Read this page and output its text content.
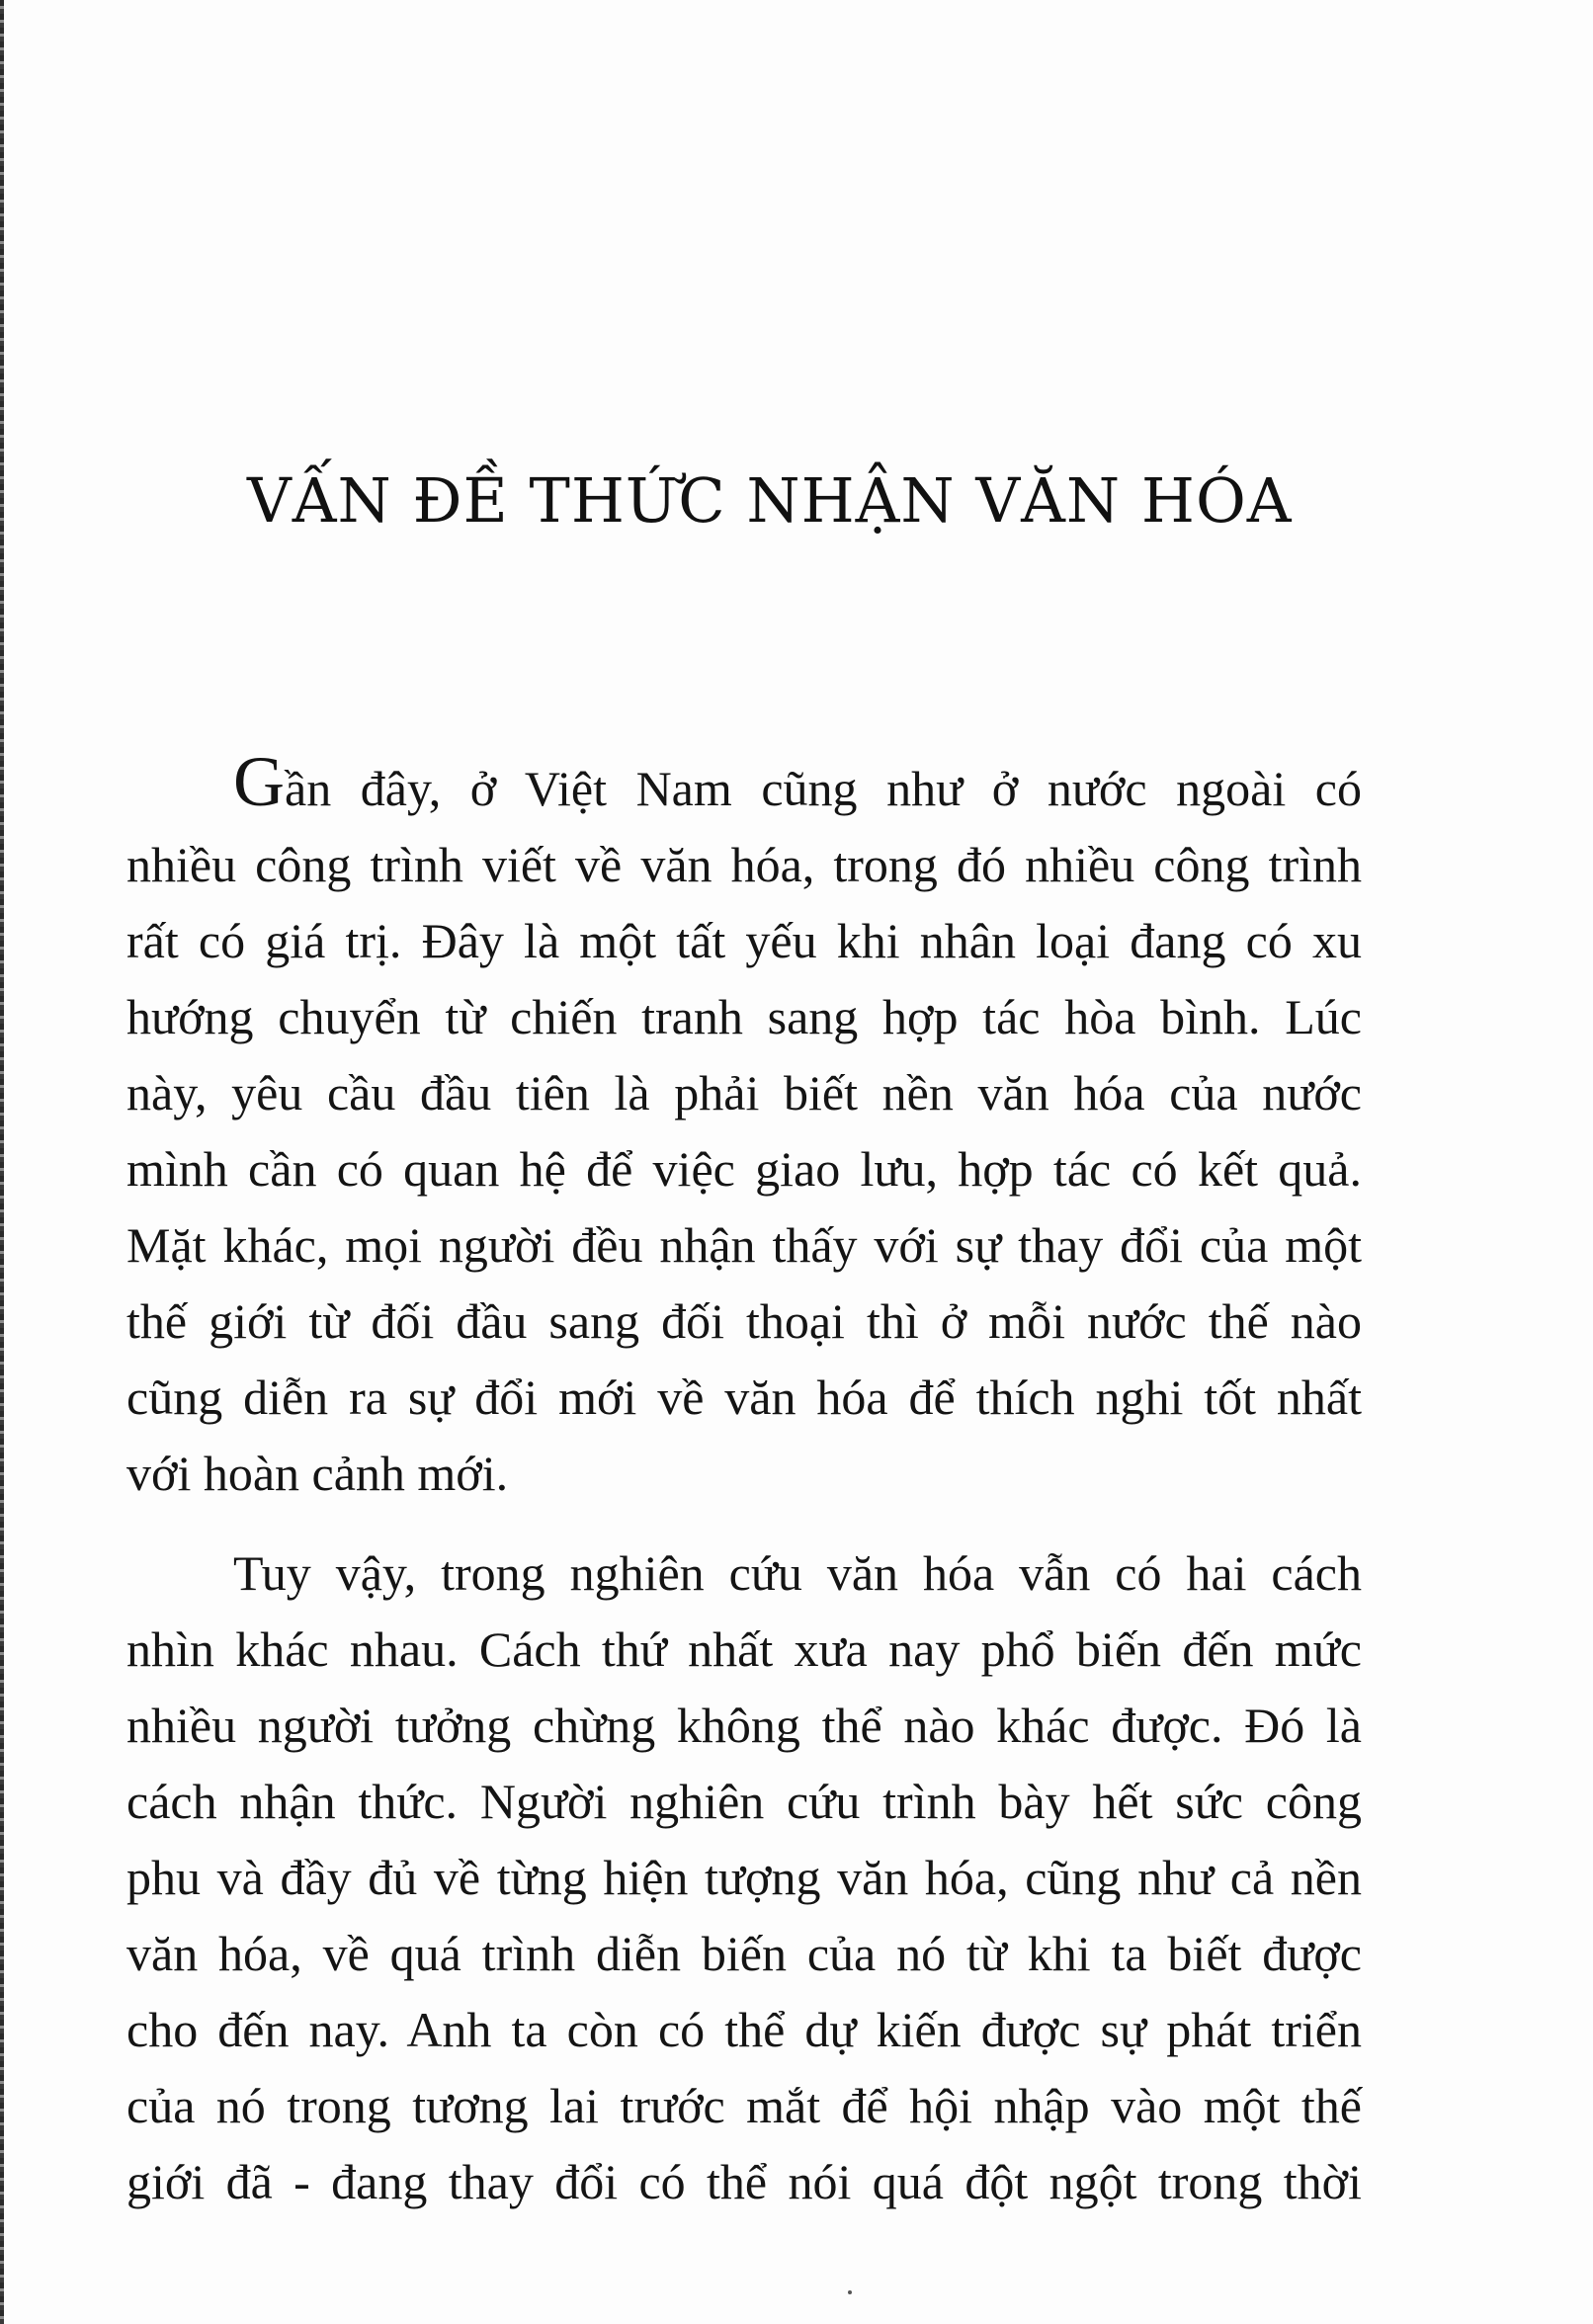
VẤN ĐỀ THỨC NHẬN VĂN HÓA
Gần đây, ở Việt Nam cũng như ở nước ngoài có
nhiều công trình viết về văn hóa, trong đó nhiều công trình
rất có giá trị. Đây là một tất yếu khi nhân loại đang có xu
hướng chuyển từ chiến tranh sang hợp tác hòa bình. Lúc
này, yêu cầu đầu tiên là phải biết nền văn hóa của nước
mình cần có quan hệ để việc giao lưu, hợp tác có kết quả.
Mặt khác, mọi người đều nhận thấy với sự thay đổi của một
thế giới từ đối đầu sang đối thoại thì ở mỗi nước thế nào
cũng diễn ra sự đổi mới về văn hóa để thích nghi tốt nhất
với hoàn cảnh mới.
Tuy vậy, trong nghiên cứu văn hóa vẫn có hai cách
nhìn khác nhau. Cách thứ nhất xưa nay phổ biến đến mức
nhiều người tưởng chừng không thể nào khác được. Đó là
cách nhận thức. Người nghiên cứu trình bày hết sức công
phu và đầy đủ về từng hiện tượng văn hóa, cũng như cả nền
văn hóa, về quá trình diễn biến của nó từ khi ta biết được
cho đến nay. Anh ta còn có thể dự kiến được sự phát triển
của nó trong tương lai trước mắt để hội nhập vào một thế
giới đã - đang thay đổi có thể nói quá đột ngột trong thời
